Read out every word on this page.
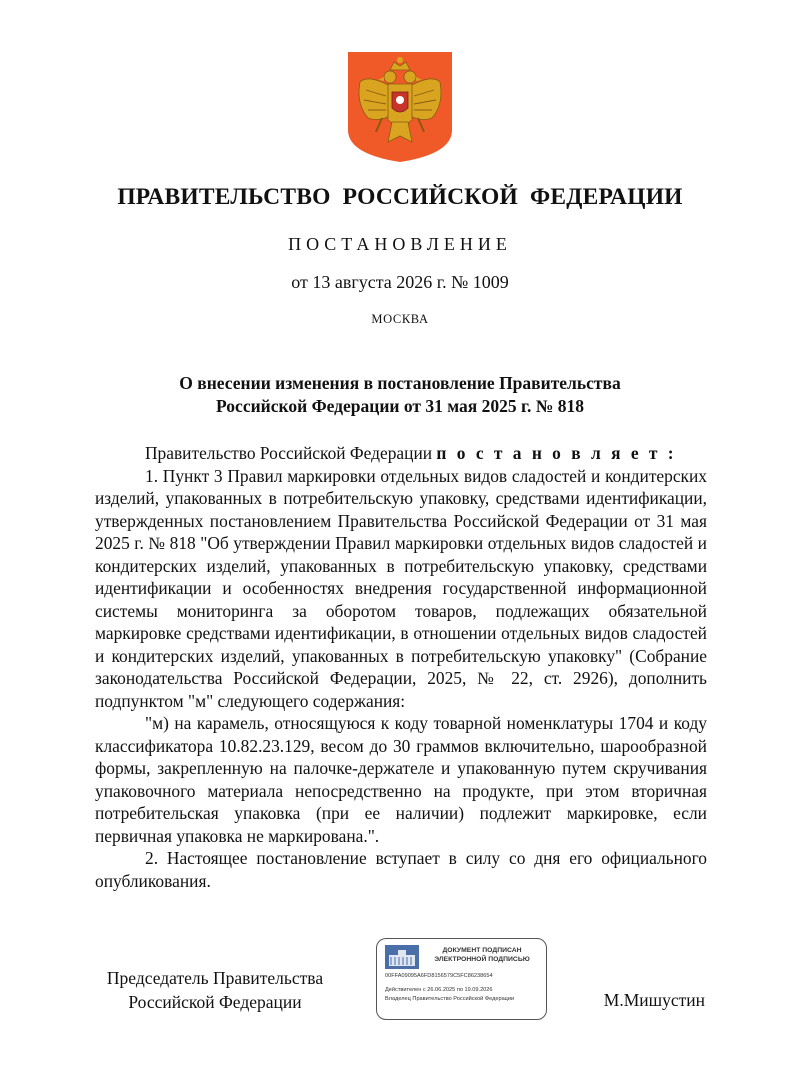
ПРАВИТЕЛЬСТВО РОССИЙСКОЙ ФЕДЕРАЦИИ
ПОСТАНОВЛЕНИЕ
от 13 августа 2026 г. № 1009
МОСКВА
О внесении изменения в постановление Правительства
Российской Федерации от 31 мая 2025 г. № 818

Правительство Российской Федерации п о с т а н о в л я е т :

1. Пункт 3 Правил маркировки отдельных видов сладостей и кондитерских изделий, упакованных в потребительскую упаковку, средствами идентификации, утвержденных постановлением Правительства Российской Федерации от 31 мая 2025 г. № 818 "Об утверждении Правил маркировки отдельных видов сладостей и кондитерских изделий, упакованных в потребительскую упаковку, средствами идентификации и особенностях внедрения государственной информационной системы мониторинга за оборотом товаров, подлежащих обязательной маркировке средствами идентификации, в отношении отдельных видов сладостей и кондитерских изделий, упакованных в потребительскую упаковку" (Собрание законодательства Российской Федерации, 2025, № 22, ст. 2926), дополнить подпунктом "м" следующего содержания:

"м) на карамель, относящуюся к коду товарной номенклатуры 1704 и коду классификатора 10.82.23.129, весом до 30 граммов включительно, шарообразной формы, закрепленную на палочке-держателе и упакованную путем скручивания упаковочного материала непосредственно на продукте, при этом вторичная потребительская упаковка (при ее наличии) подлежит маркировке, если первичная упаковка не маркирована.".

2. Настоящее постановление вступает в силу со дня его официального опубликования.

Председатель Правительства
Российской Федерации
ДОКУМЕНТ ПОДПИСАН
ЭЛЕКТРОННОЙ ПОДПИСЬЮ
00FFA09095A6FD8156579C5FC86238654
Действителен с 26.06.2025 по 19.09.2026
Владелец Правительство Российской Федерации	М.Мишустин
